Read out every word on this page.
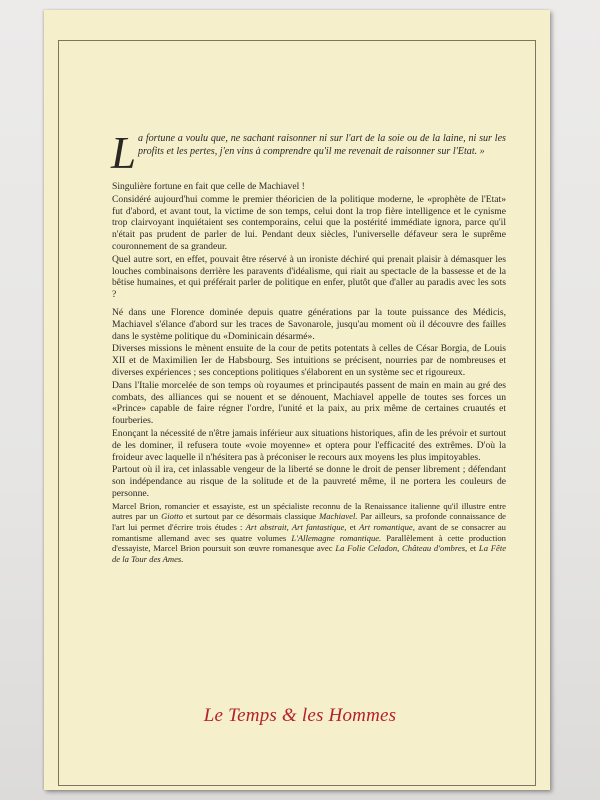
L a fortune a voulu que, ne sachant raisonner ni sur l'art de la soie ou de la laine, ni sur les profits et les pertes, j'en vins à comprendre qu'il me revenait de raisonner sur l'Etat. »

Singulière fortune en fait que celle de Machiavel !

Considéré aujourd'hui comme le premier théoricien de la politique moderne, le «prophète de l'Etat» fut d'abord, et avant tout, la victime de son temps, celui dont la trop fière intelligence et le cynisme trop clairvoyant inquiétaient ses contemporains, celui que la postérité immédiate ignora, parce qu'il n'était pas prudent de parler de lui. Pendant deux siècles, l'universelle défaveur sera le suprême couronnement de sa grandeur.

Quel autre sort, en effet, pouvait être réservé à un ironiste déchiré qui prenait plaisir à démasquer les louches combinaisons derrière les paravents d'idéalisme, qui riait au spectacle de la bassesse et de la bêtise humaines, et qui préférait parler de politique en enfer, plutôt que d'aller au paradis avec les sots ?

Né dans une Florence dominée depuis quatre générations par la toute puissance des Médicis, Machiavel s'élance d'abord sur les traces de Savonarole, jusqu'au moment où il découvre des failles dans le système politique du «Dominicain désarmé».

Diverses missions le mènent ensuite de la cour de petits potentats à celles de César Borgia, de Louis XII et de Maximilien Ier de Habsbourg. Ses intuitions se précisent, nourries par de nombreuses et diverses expériences ; ses conceptions politiques s'élaborent en un système sec et rigoureux.

Dans l'Italie morcelée de son temps où royaumes et principautés passent de main en main au gré des combats, des alliances qui se nouent et se dénouent, Machiavel appelle de toutes ses forces un «Prince» capable de faire régner l'ordre, l'unité et la paix, au prix même de certaines cruautés et fourberies.

Enonçant la nécessité de n'être jamais inférieur aux situations historiques, afin de les prévoir et surtout de les dominer, il refusera toute «voie moyenne» et optera pour l'efficacité des extrêmes. D'où la froideur avec laquelle il n'hésitera pas à préconiser le recours aux moyens les plus impitoyables.

Partout où il ira, cet inlassable vengeur de la liberté se donne le droit de penser librement ; défendant son indépendance au risque de la solitude et de la pauvreté même, il ne portera les couleurs de personne.

Marcel Brion, romancier et essayiste, est un spécialiste reconnu de la Renaissance italienne qu'il illustre entre autres par un Giotto et surtout par ce désormais classique Machiavel. Par ailleurs, sa profonde connaissance de l'art lui permet d'écrire trois études : Art abstrait, Art fantastique, et Art romantique, avant de se consacrer au romantisme allemand avec ses quatre volumes L'Allemagne romantique. Parallèlement à cette production d'essayiste, Marcel Brion poursuit son œuvre romanesque avec La Folie Celadon, Château d'ombres, et La Fête de la Tour des Ames.

Le Temps & les Hommes
